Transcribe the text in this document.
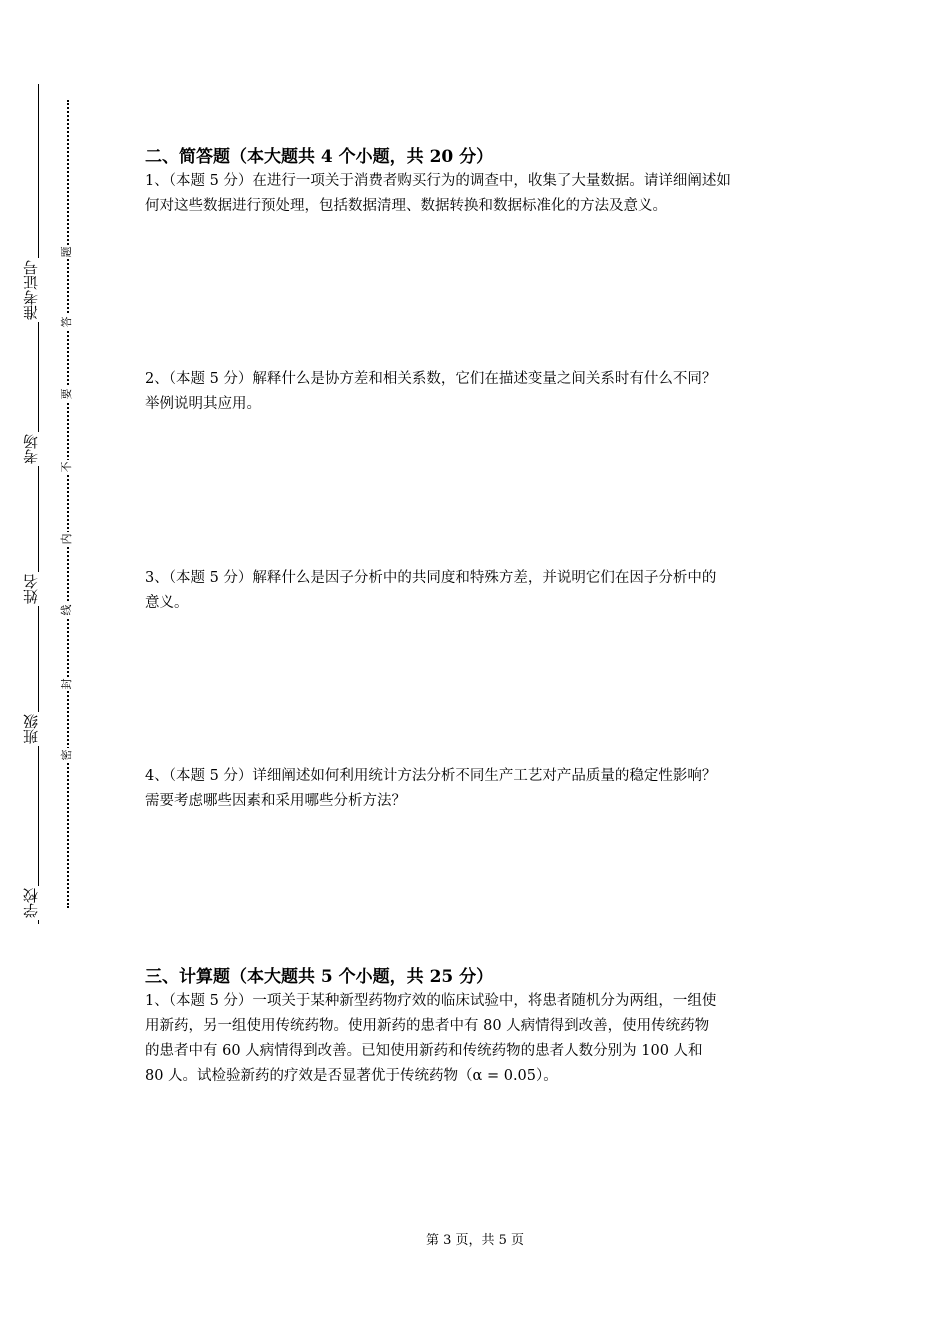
准考证号
考场
姓名
班级
学校
题
答
要
不
内
线
封
密
二、简答题（本大题共 4 个小题，共 20 分）

1、（本题 5 分）在进行一项关于消费者购买行为的调查中，收集了大量数据。请详细阐述如

何对这些数据进行预处理，包括数据清理、数据转换和数据标准化的方法及意义。

2、（本题 5 分）解释什么是协方差和相关系数，它们在描述变量之间关系时有什么不同？

举例说明其应用。

3、（本题 5 分）解释什么是因子分析中的共同度和特殊方差，并说明它们在因子分析中的

意义。

4、（本题 5 分）详细阐述如何利用统计方法分析不同生产工艺对产品质量的稳定性影响？

需要考虑哪些因素和采用哪些分析方法？

三、计算题（本大题共 5 个小题，共 25 分）

1、（本题 5 分）一项关于某种新型药物疗效的临床试验中，将患者随机分为两组，一组使

用新药，另一组使用传统药物。使用新药的患者中有 80 人病情得到改善，使用传统药物

的患者中有 60 人病情得到改善。已知使用新药和传统药物的患者人数分别为 100 人和

80 人。试检验新药的疗效是否显著优于传统药物（α = 0.05）。

第 3 页，共 5 页
